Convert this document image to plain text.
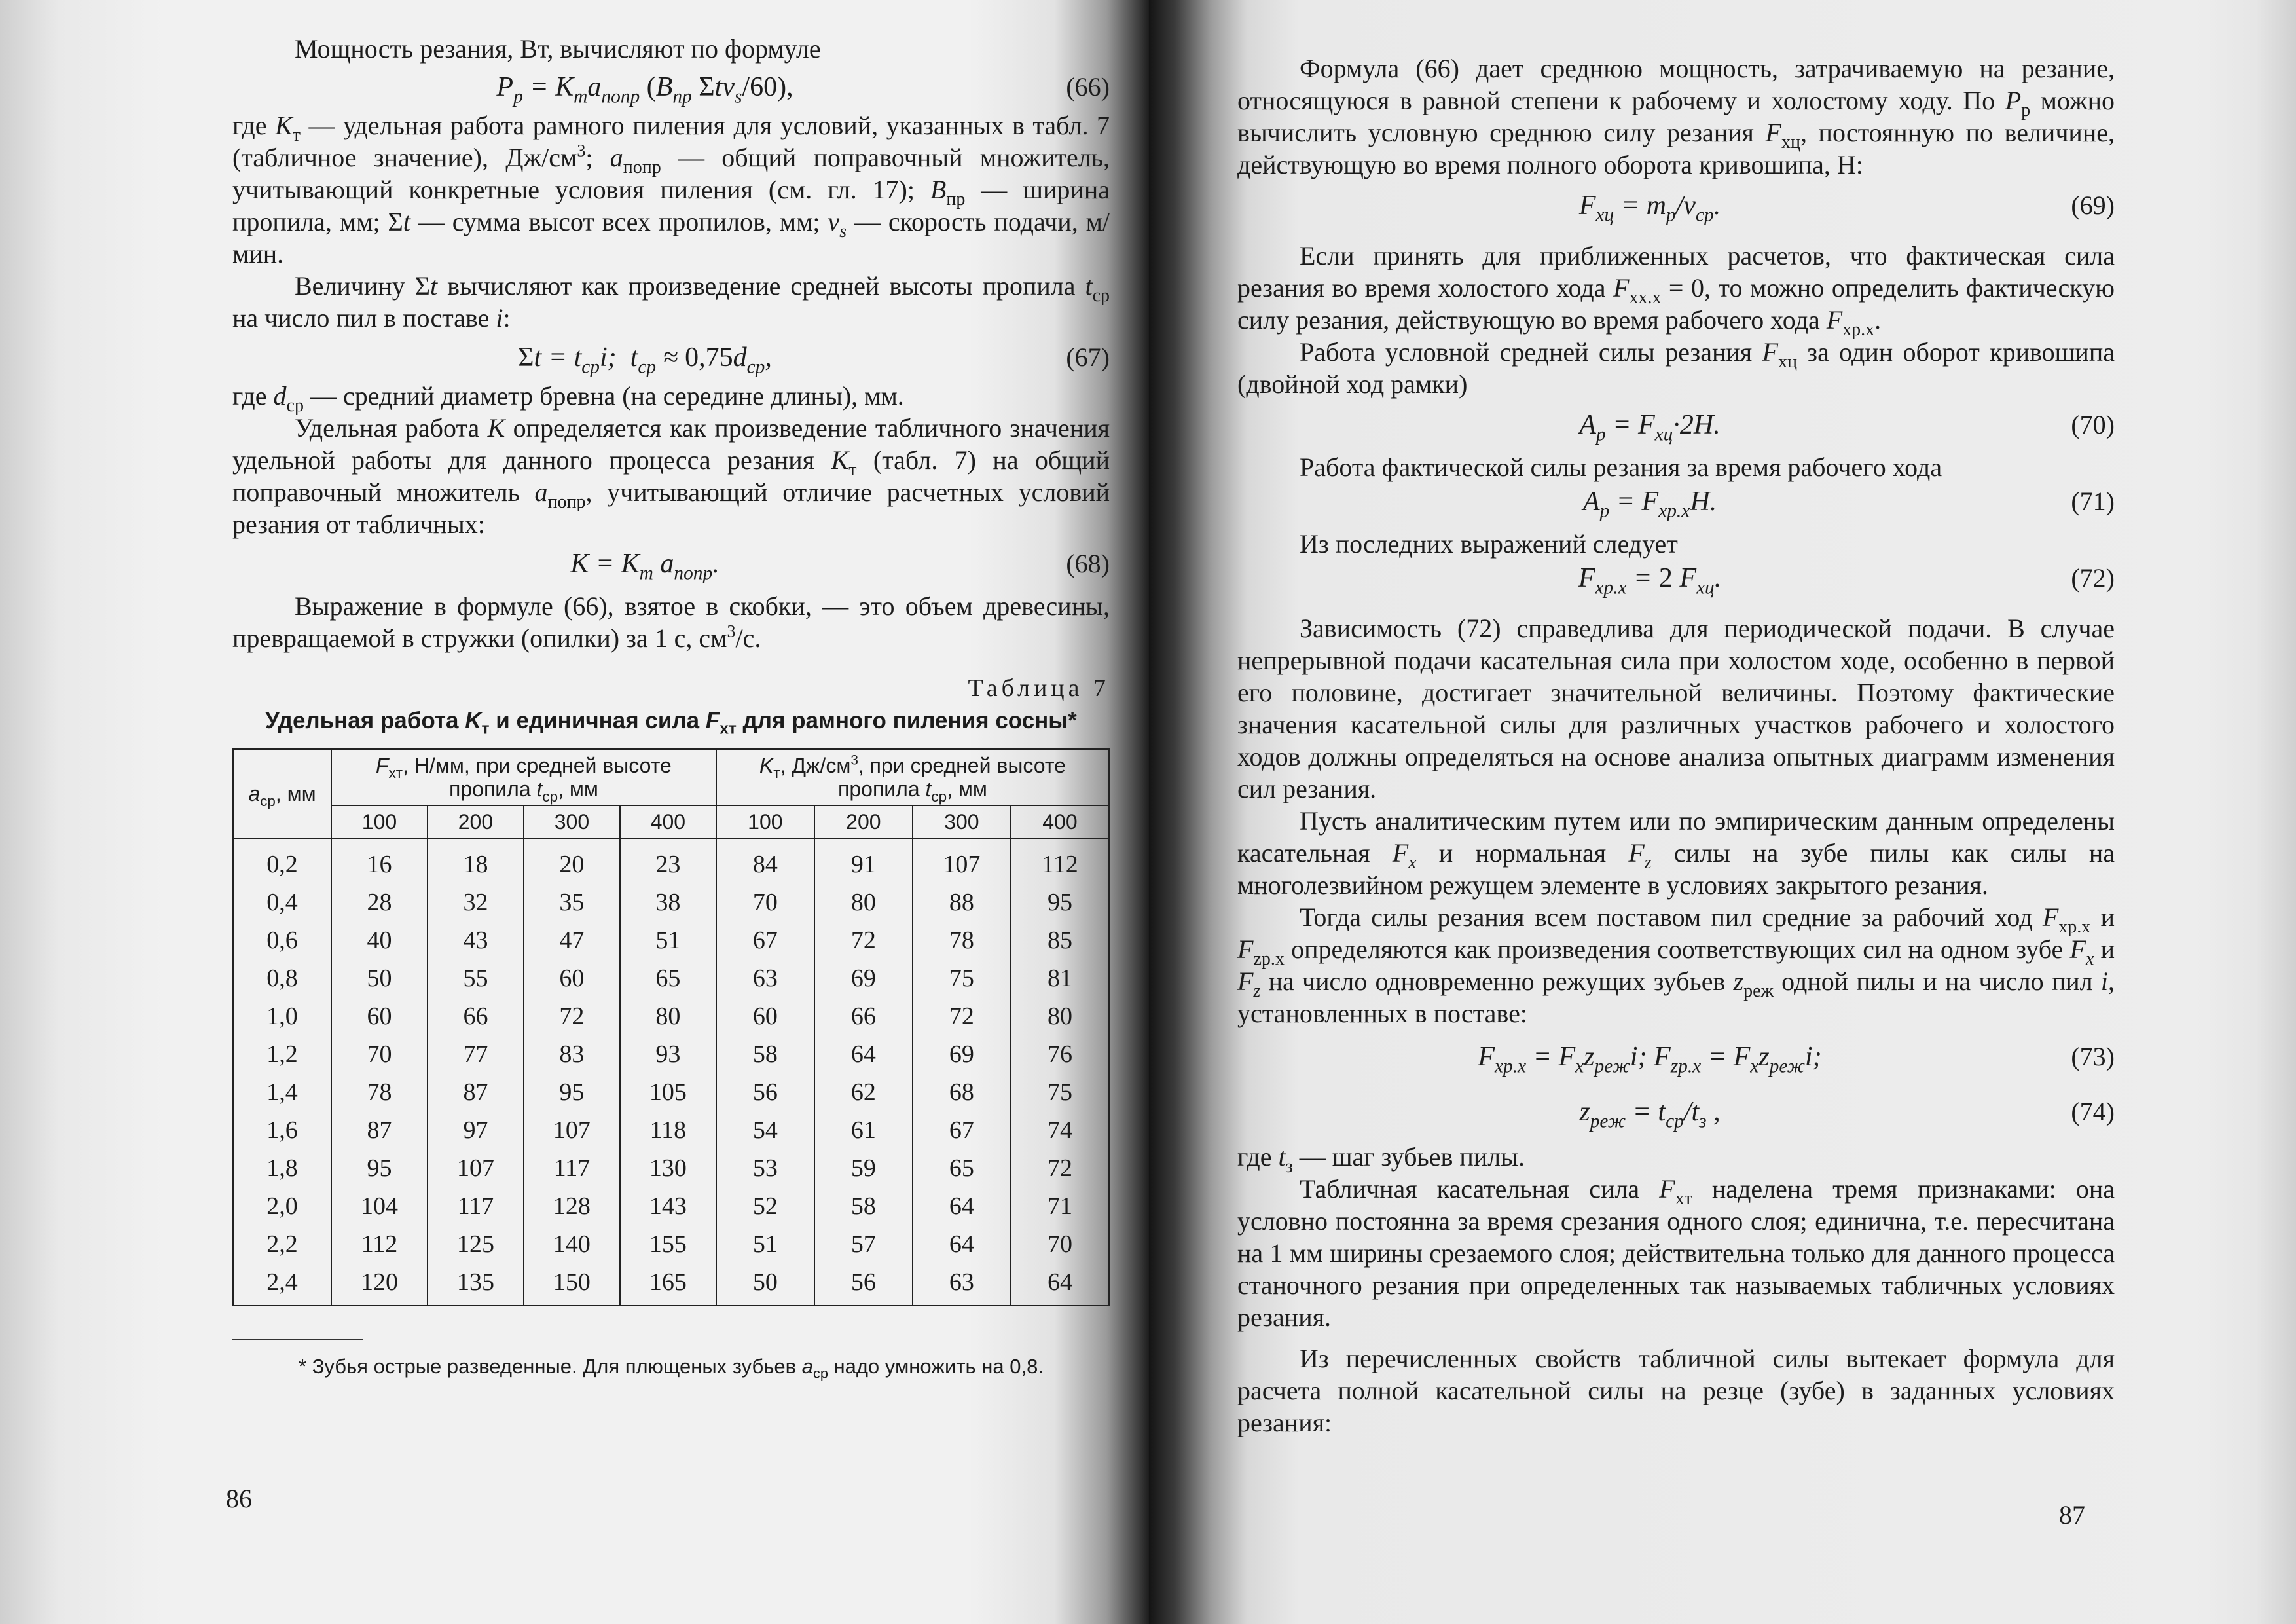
Мощность резания, Вт, вычисляют по формуле

$P_р = K_тa_{попр}$ ($B_{пр}$ Σtv$_s$/60),	(66)

где $K_т$ — удельная работа рамного пиления для условий, указанных в табл. 7 (табличное значение), $Дж/см^3$; $a_{попр}$ — общий поправочный множитель, учитывающий конкретные условия пиления (см. гл. 17); $B_{пр}$ — ширина пропила, мм; Σt — сумма высот всех пропилов, мм; $v_s$ — скорость подачи, м/мин.

Величину Σt вычисляют как произведение средней высоты пропила $t_{ср}$ на число пил в поставе i:

$\Sigma t = t_{ср}i$;  $t_{ср} \approx 0,75d_{ср}$,	(67)

где $d_{ср}$ — средний диаметр бревна (на середине длины), мм.

Удельная работа K определяется как произведение табличного значения удельной работы для данного процесса резания $K_т$ (табл. 7) на общий поправочный множитель $a_{попр}$, учитывающий отличие расчетных условий резания от табличных:

$K = K_т$ $a_{попр}$.	(68)

Выражение в формуле (66), взятое в скобки, — это объем древесины, превращаемой в стружки (опилки) за 1 с, $см^3/с$.

Таблица 7
Удельная работа $K_т$ и единичная сила $F_{xт}$ для рамного пиления сосны*
$a_{ср}$, мм	$F_{xт}$, Н/мм, при средней высоте пропила $t_{ср}$, мм				$K_т$, $Дж/см^3$, при средней высоте пропила $t_{ср}$, мм			
	100	200	300	400	100	200	300	400
0,2	16	18	20	23	84	91	107	112
0,4	28	32	35	38	70	80	88	95
0,6	40	43	47	51	67	72	78	85
0,8	50	55	60	65	63	69	75	81
1,0	60	66	72	80	60	66	72	80
1,2	70	77	83	93	58	64	69	76
1,4	78	87	95	105	56	62	68	75
1,6	87	97	107	118	54	61	67	74
1,8	95	107	117	130	53	59	65	72
2,0	104	117	128	143	52	58	64	71
2,2	112	125	140	155	51	57	64	70
2,4	120	135	150	165	50	56	63	64
* Зубья острые разведенные. Для плющеных зубьев $a_{ср}$ надо умножить на 0,8.
86

Формула (66) дает среднюю мощность, затрачиваемую на резание, относящуюся в равной степени к рабочему и холостому ходу. По $P_р$ можно вычислить условную среднюю силу резания $F_{xц}$, постоянную по величине, действующую во время полного оборота кривошипа, Н:

$F_{xц} = m_р/v_{ср}$.	(69)

Если принять для приближенных расчетов, что фактическая сила резания во время холостого хода $F_{xх.х} = 0$, то можно определить фактическую силу резания, действующую во время рабочего хода $F_{xр.х}$.

Работа условной средней силы резания $F_{xц}$ за один оборот кривошипа (двойной ход рамки)

$A_р = F_{xц}\cdot 2H$.	(70)

Работа фактической силы резания за время рабочего хода

$A_р = F_{xр.х}H$.	(71)

Из последних выражений следует

$F_{xр.х} = 2$ $F_{xц}$.	(72)

Зависимость (72) справедлива для периодической подачи. В случае непрерывной подачи касательная сила при холостом ходе, особенно в первой его половине, достигает значительной величины. Поэтому фактические значения касательной силы для различных участков рабочего и холостого ходов должны определяться на основе анализа опытных диаграмм изменения сил резания.

Пусть аналитическим путем или по эмпирическим данным определены касательная $F_x$ и нормальная $F_z$ силы на зубе пилы как силы на многолезвийном режущем элементе в условиях закрытого резания.

Тогда силы резания всем поставом пил средние за рабочий ход $F_{xр.х}$ и $F_{zр.х}$ определяются как произведения соответствующих сил на одном зубе $F_x$ и $F_z$ на число одновременно режущих зубьев $z_{реж}$ одной пилы и на число пил i, установленных в поставе:

$F_{xр.х} = F_xz_{реж}i$; $F_{zр.х} = F_xz_{реж}i$;	(73)
$z_{реж} = t_{ср}/t_з$ ,	(74)

где $t_з$ — шаг зубьев пилы.

Табличная касательная сила $F_{xт}$ наделена тремя признаками: она условно постоянна за время срезания одного слоя; единична, т.е. пересчитана на 1 мм ширины срезаемого слоя; действительна только для данного процесса станочного резания при определенных так называемых табличных условиях резания.

Из перечисленных свойств табличной силы вытекает формула для расчета полной касательной силы на резце (зубе) в заданных условиях резания:

87
